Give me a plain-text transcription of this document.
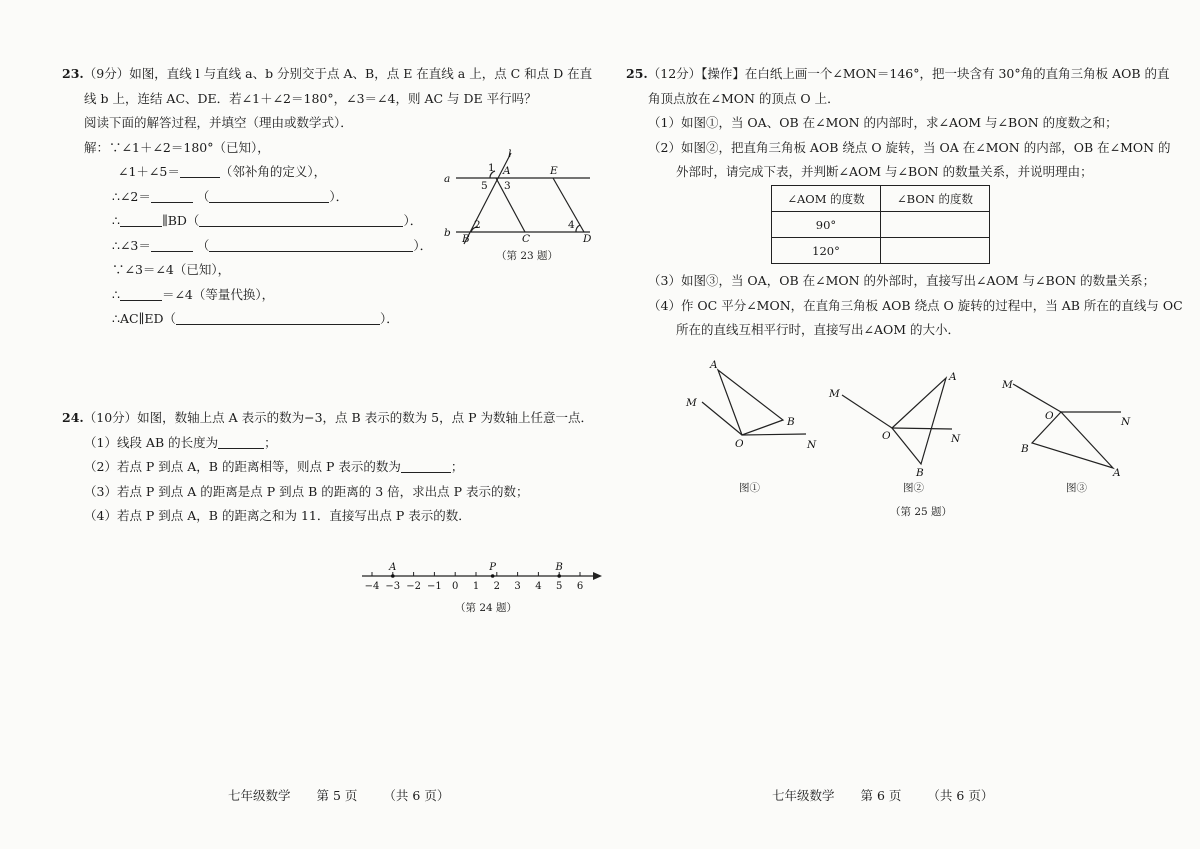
23.（9分）如图，直线 l 与直线 a、b 分别交于点 A、B，点 E 在直线 a 上，点 C 和点 D 在直
线 b 上，连结 AC、DE．若∠1＋∠2＝180°，∠3＝∠4，则 AC 与 DE 平行吗？
阅读下面的解答过程，并填空（理由或数学式）．
解：∵∠1＋∠2＝180°（已知），
∠1＋∠5＝	（邻补角的定义），
∴∠2＝	（	）．
∴	∥BD（	）．
∴∠3＝	（	）．
∵∠3＝∠4（已知），
∴	＝∠4（等量代换），
∴AC∥ED（	）．
l
a
b
A	E
B	C	D
1
5 3
2	4
（第 23 题）
24.（10分）如图，数轴上点 A 表示的数为−3，点 B 表示的数为 5，点 P 为数轴上任意一点．
（1）线段 AB 的长度为	；
（2）若点 P 到点 A，B 的距离相等，则点 P 表示的数为	；
（3）若点 P 到点 A 的距离是点 P 到点 B 的距离的 3 倍，求出点 P 表示的数；
（4）若点 P 到点 A，B 的距离之和为 11．直接写出点 P 表示的数．
−4 −3 −2 −1 0 1 2 3 4 5 6
A	P	B
（第 24 题）
七年级数学 第 5 页 （共 6 页）
25.（12分）【操作】在白纸上画一个∠MON＝146°，把一块含有 30°角的直角三角板 AOB 的直
角顶点放在∠MON 的顶点 O 上．
（1）如图①，当 OA、OB 在∠MON 的内部时，求∠AOM 与∠BON 的度数之和；
（2）如图②，把直角三角板 AOB 绕点 O 旋转，当 OA 在∠MON 的内部，OB 在∠MON 的
外部时，请完成下表，并判断∠AOM 与∠BON 的数量关系，并说明理由；
∠AOM 的度数	∠BON 的度数
90°	
120°	
（3）如图③，当 OA，OB 在∠MON 的外部时，直接写出∠AOM 与∠BON 的数量关系；
（4）作 OC 平分∠MON，在直角三角板 AOB 绕点 O 旋转的过程中，当 AB 所在的直线与 OC
所在的直线互相平行时，直接写出∠AOM 的大小．
M
A
B
O	N
图①
M
A
O	N
B
图②
M
O	N
B
A
图③
（第 25 题）
七年级数学 第 6 页 （共 6 页）
